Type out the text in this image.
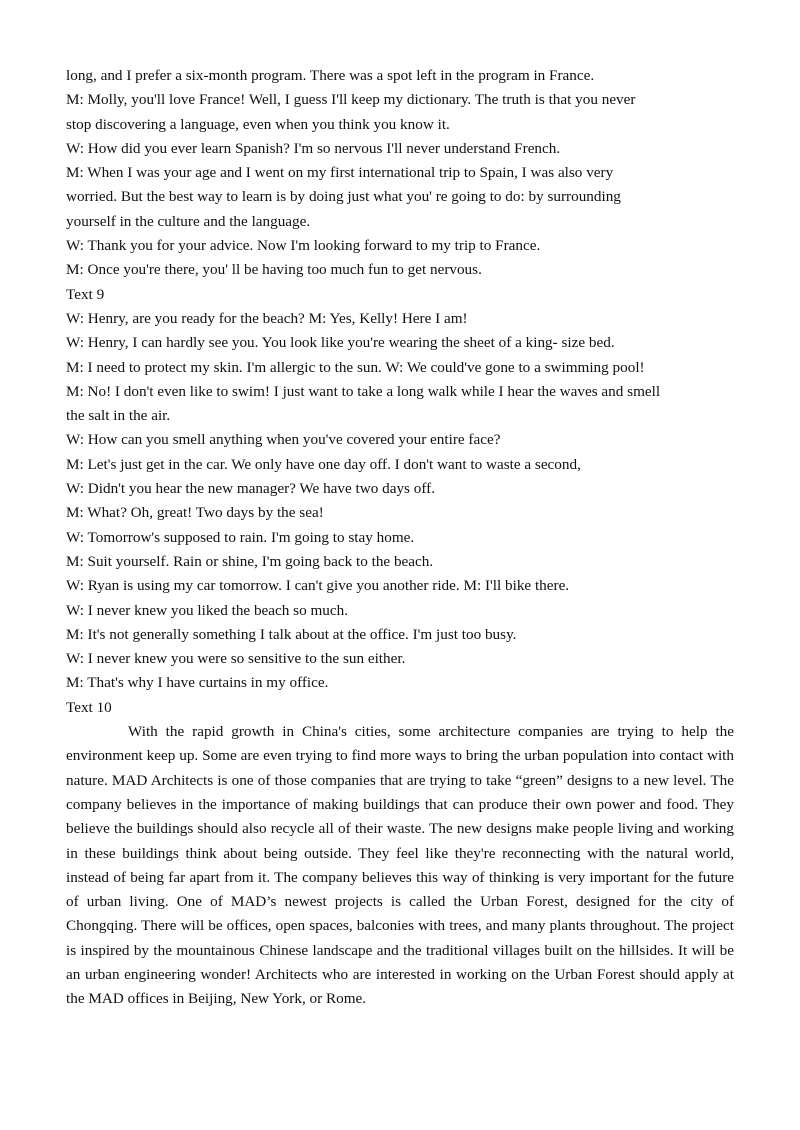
long, and I prefer a six-month program. There was a spot left in the program in France.
M: Molly, you'll love France! Well, I guess I'll keep my dictionary. The truth is that you never
stop discovering a language, even when you think you know it.
W: How did you ever learn Spanish? I'm so nervous I'll never understand French.
M: When I was your age and I went on my first international trip to Spain, I was also very
worried. But the best way to learn is by doing just what you' re going to do: by surrounding
yourself in the culture and the language.
W: Thank you for your advice. Now I'm looking forward to my trip to France.
M: Once you're there, you' ll be having too much fun to get nervous.
Text 9
W: Henry, are you ready for the beach? M: Yes, Kelly! Here I am!
W: Henry, I can hardly see you. You look like you're wearing the sheet of a king- size bed.
M: I need to protect my skin. I'm allergic to the sun. W: We could've gone to a swimming pool!
M: No! I don't even like to swim! I just want to take a long walk while I hear the waves and smell
the salt in the air.
W: How can you smell anything when you've covered your entire face?
M: Let's just get in the car. We only have one day off. I don't want to waste a second,
W: Didn't you hear the new manager? We have two days off.
M: What? Oh, great! Two days by the sea!
W: Tomorrow's supposed to rain. I'm going to stay home.
M: Suit yourself. Rain or shine, I'm going back to the beach.
W: Ryan is using my car tomorrow. I can't give you another ride. M: I'll bike there.
W: I never knew you liked the beach so much.
M: It's not generally something I talk about at the office. I'm just too busy.
W: I never knew you were so sensitive to the sun either.
M: That's why I have curtains in my office.
Text 10
With the rapid growth in China's cities, some architecture companies are trying to help the environment keep up. Some are even trying to find more ways to bring the urban population into contact with nature. MAD Architects is one of those companies that are trying to take “green” designs to a new level. The company believes in the importance of making buildings that can produce their own power and food. They believe the buildings should also recycle all of their waste. The new designs make people living and working in these buildings think about being outside. They feel like they're reconnecting with the natural world, instead of being far apart from it. The company believes this way of thinking is very important for the future of urban living. One of MAD’s newest projects is called the Urban Forest, designed for the city of Chongqing. There will be offices, open spaces, balconies with trees, and many plants throughout. The project is inspired by the mountainous Chinese landscape and the traditional villages built on the hillsides. It will be an urban engineering wonder! Architects who are interested in working on the Urban Forest should apply at the MAD offices in Beijing, New York, or Rome.
